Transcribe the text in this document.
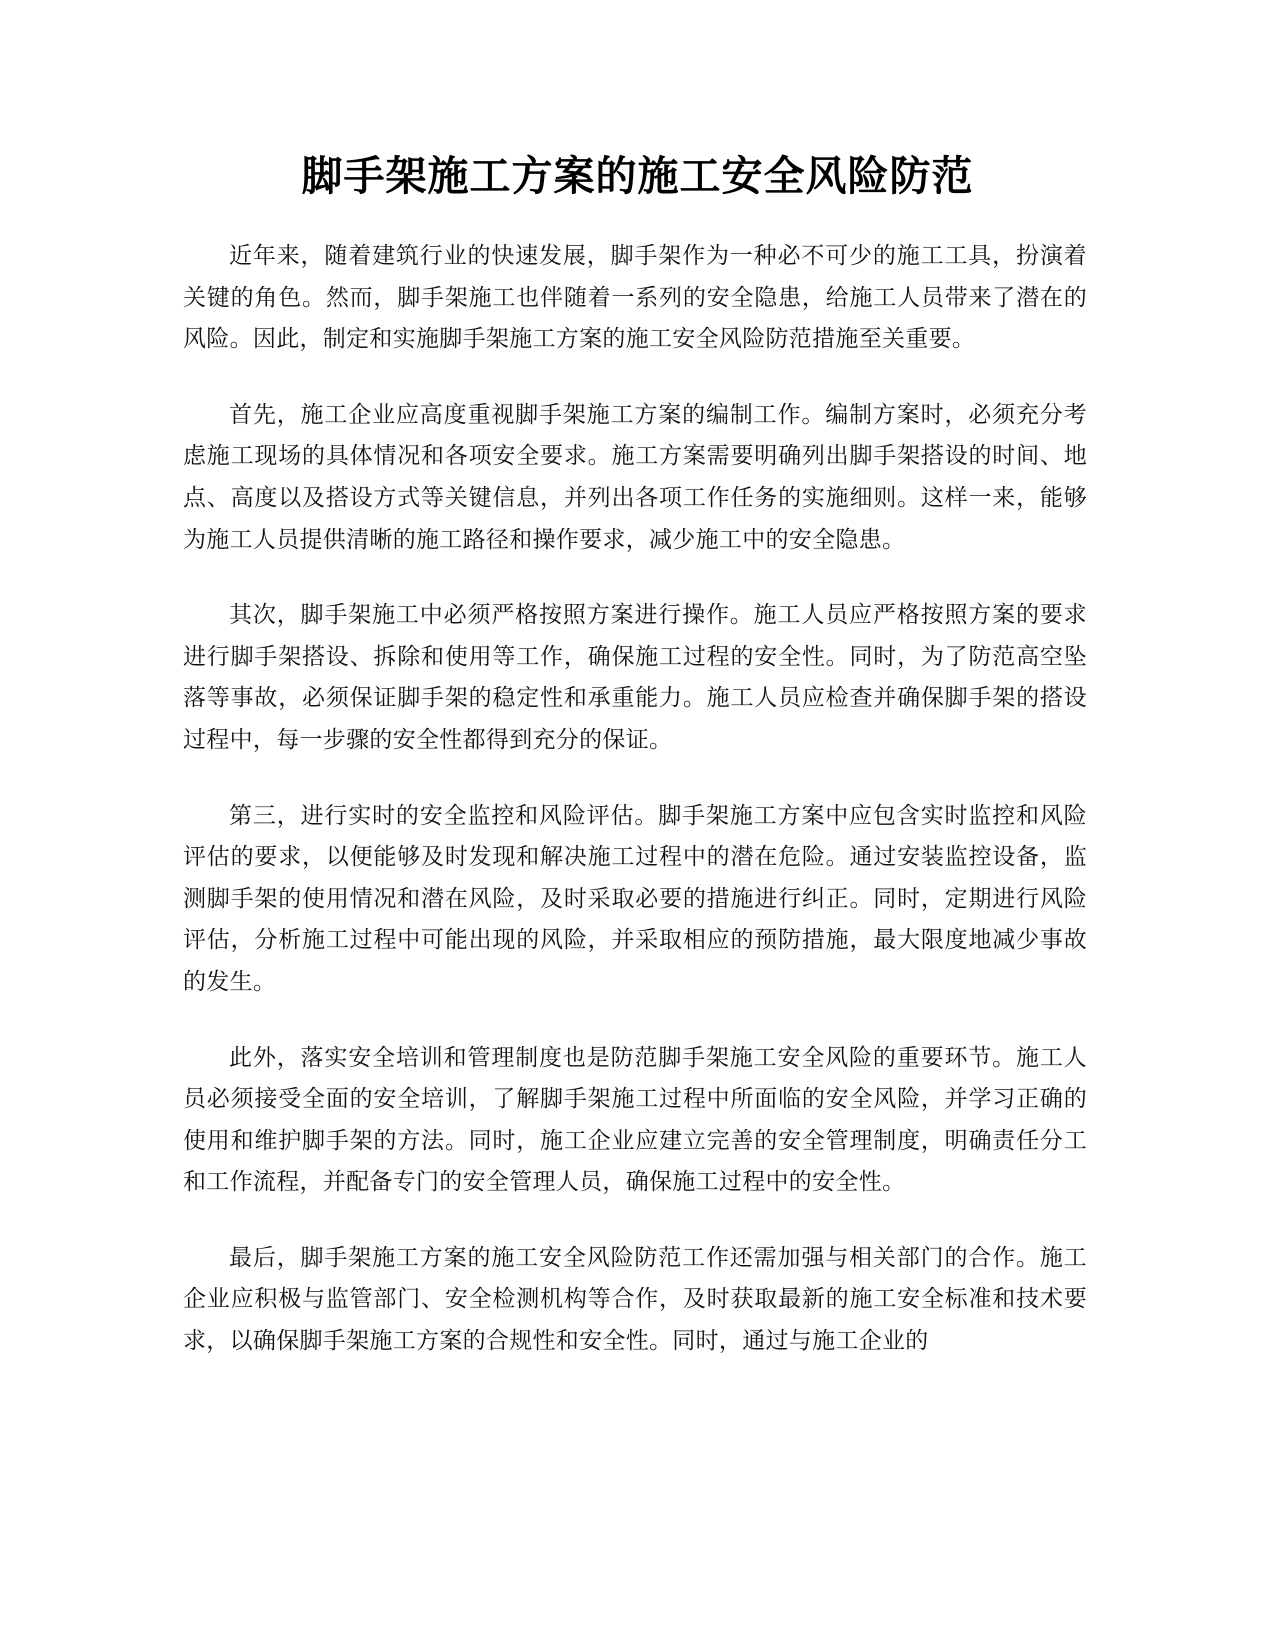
脚手架施工方案的施工安全风险防范

近年来，随着建筑行业的快速发展，脚手架作为一种必不可少的施工工具，扮演着关键的角色。然而，脚手架施工也伴随着一系列的安全隐患，给施工人员带来了潜在的风险。因此，制定和实施脚手架施工方案的施工安全风险防范措施至关重要。

首先，施工企业应高度重视脚手架施工方案的编制工作。编制方案时，必须充分考虑施工现场的具体情况和各项安全要求。施工方案需要明确列出脚手架搭设的时间、地点、高度以及搭设方式等关键信息，并列出各项工作任务的实施细则。这样一来，能够为施工人员提供清晰的施工路径和操作要求，减少施工中的安全隐患。

其次，脚手架施工中必须严格按照方案进行操作。施工人员应严格按照方案的要求进行脚手架搭设、拆除和使用等工作，确保施工过程的安全性。同时，为了防范高空坠落等事故，必须保证脚手架的稳定性和承重能力。施工人员应检查并确保脚手架的搭设过程中，每一步骤的安全性都得到充分的保证。

第三，进行实时的安全监控和风险评估。脚手架施工方案中应包含实时监控和风险评估的要求，以便能够及时发现和解决施工过程中的潜在危险。通过安装监控设备，监测脚手架的使用情况和潜在风险，及时采取必要的措施进行纠正。同时，定期进行风险评估，分析施工过程中可能出现的风险，并采取相应的预防措施，最大限度地减少事故的发生。

此外，落实安全培训和管理制度也是防范脚手架施工安全风险的重要环节。施工人员必须接受全面的安全培训，了解脚手架施工过程中所面临的安全风险，并学习正确的使用和维护脚手架的方法。同时，施工企业应建立完善的安全管理制度，明确责任分工和工作流程，并配备专门的安全管理人员，确保施工过程中的安全性。

最后，脚手架施工方案的施工安全风险防范工作还需加强与相关部门的合作。施工企业应积极与监管部门、安全检测机构等合作，及时获取最新的施工安全标准和技术要求，以确保脚手架施工方案的合规性和安全性。同时，通过与施工企业的
